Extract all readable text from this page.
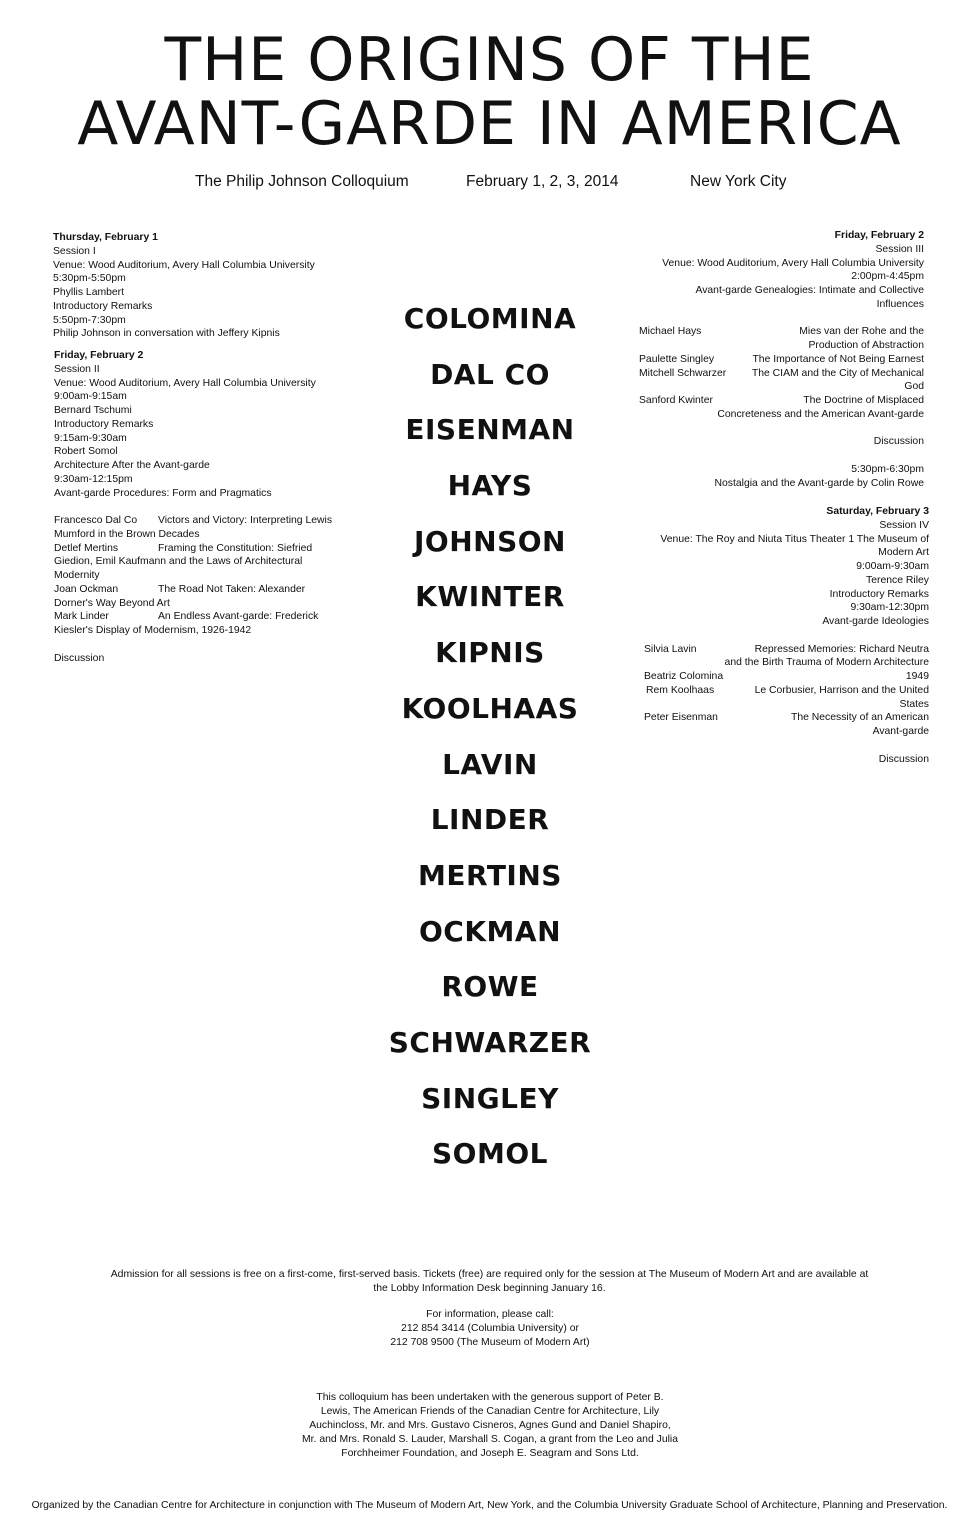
THE ORIGINS OF THE
AVANT-GARDE IN AMERICA
The Philip Johnson Colloquium	February 1, 2, 3, 2014	New York City
Thursday, February 1
Session I
Venue: Wood Auditorium, Avery Hall Columbia University
5:30pm-5:50pm
Phyllis Lambert
Introductory Remarks
5:50pm-7:30pm
Philip Johnson in conversation with Jeffery Kipnis
Friday, February 2
Session II
Venue: Wood Auditorium, Avery Hall Columbia University
9:00am-9:15am
Bernard Tschumi
Introductory Remarks
9:15am-9:30am
Robert Somol
Architecture After the Avant-garde
9:30am-12:15pm
Avant-garde Procedures: Form and Pragmatics
Francesco Dal Co Victors and Victory: Interpreting Lewis
Mumford in the Brown Decades
Detlef Mertins	Framing the Constitution: Siefried
Giedion, Emil Kaufmann and the Laws of Architectural
Modernity
Joan Ockman	The Road Not Taken: Alexander
Dorner's Way Beyond Art
Mark Linder	An Endless Avant-garde: Frederick
Kiesler's Display of Modernism, 1926-1942
Discussion
COLOMINA
DAL CO
EISENMAN
HAYS
JOHNSON
KWINTER
KIPNIS
KOOLHAAS
LAVIN
LINDER
MERTINS
OCKMAN
ROWE
SCHWARZER
SINGLEY
SOMOL
Friday, February 2
Session III
Venue: Wood Auditorium, Avery Hall Columbia University
2:00pm-4:45pm
Avant-garde Genealogies: Intimate and Collective
Influences
Michael Hays	Mies van der Rohe and the
Production of Abstraction
Paulette Singley	The Importance of Not Being Earnest
Mitchell Schwarzer	The CIAM and the City of Mechanical
God
Sanford Kwinter	The Doctrine of Misplaced
Concreteness and the American Avant-garde
Discussion
5:30pm-6:30pm
Nostalgia and the Avant-garde by Colin Rowe
Saturday, February 3
Session IV
Venue: The Roy and Niuta Titus Theater 1 The Museum of
Modern Art
9:00am-9:30am
Terence Riley
Introductory Remarks
9:30am-12:30pm
Avant-garde Ideologies
Silvia Lavin	Repressed Memories: Richard Neutra
and the Birth Trauma of Modern Architecture
Beatriz Colomina	1949
Rem Koolhaas	Le Corbusier, Harrison and the United
States
Peter Eisenman	The Necessity of an American
Avant-garde
Discussion
Admission for all sessions is free on a first-come, first-served basis. Tickets (free) are required only for the session at The Museum of Modern Art and are available at
the Lobby Information Desk beginning January 16.
For information, please call:
212 854 3414 (Columbia University) or
212 708 9500 (The Museum of Modern Art)
This colloquium has been undertaken with the generous support of Peter B.
Lewis, The American Friends of the Canadian Centre for Architecture, Lily
Auchincloss, Mr. and Mrs. Gustavo Cisneros, Agnes Gund and Daniel Shapiro,
Mr. and Mrs. Ronald S. Lauder, Marshall S. Cogan, a grant from the Leo and Julia
Forchheimer Foundation, and Joseph E. Seagram and Sons Ltd.
Organized by the Canadian Centre for Architecture in conjunction with The Museum of Modern Art, New York, and the Columbia University Graduate School of Architecture, Planning and Preservation.
